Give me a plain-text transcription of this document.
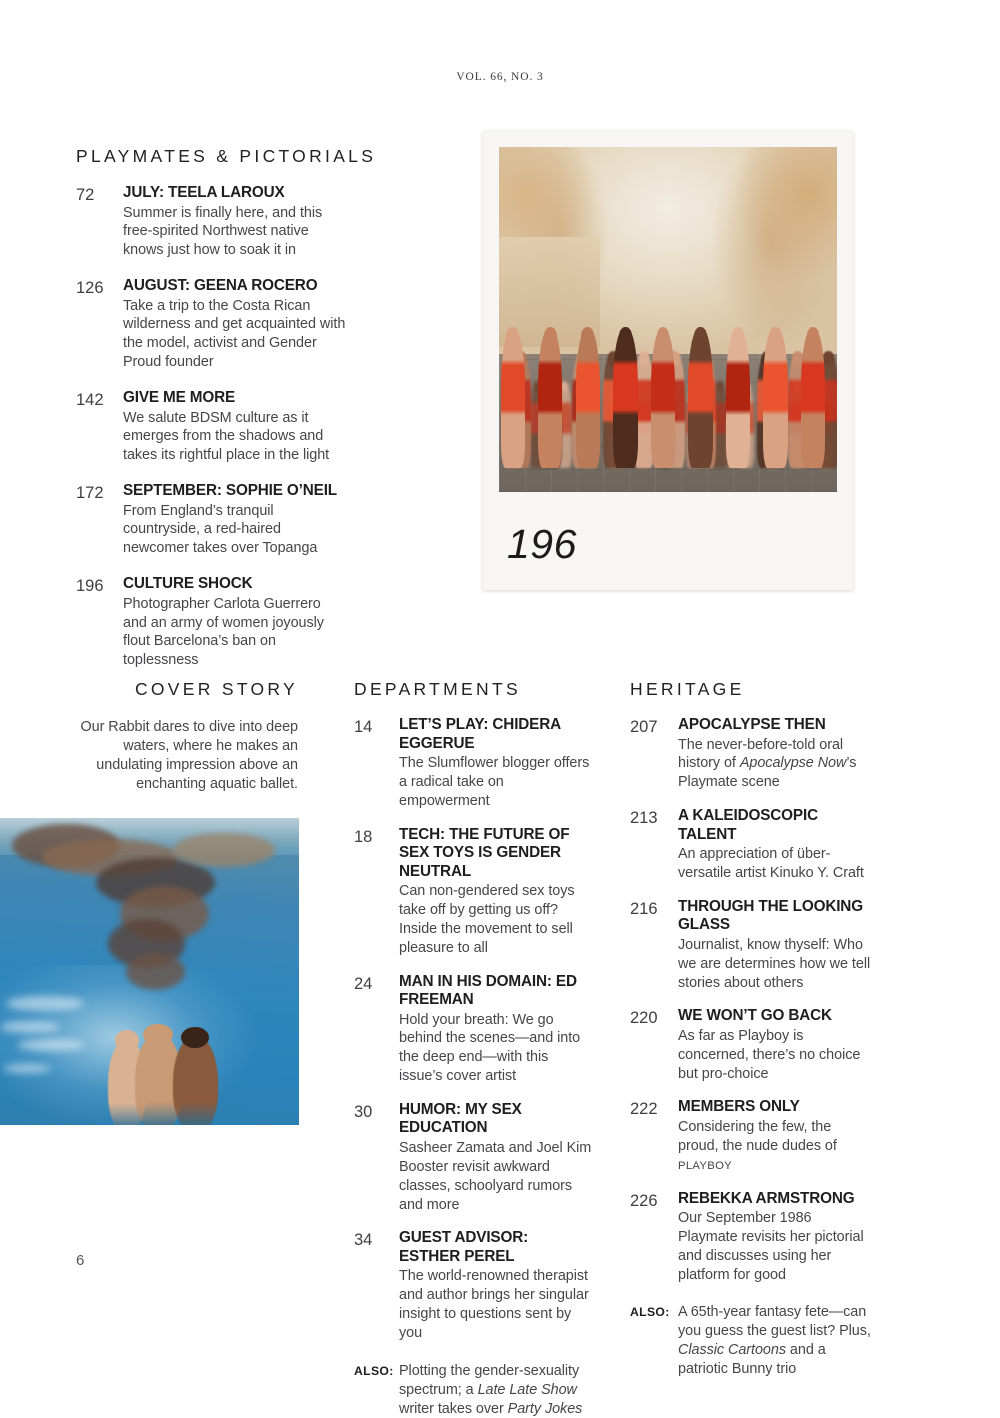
VOL. 66, NO. 3
PLAYMATES & PICTORIALS
72	JULY: TEELA LAROUX
Summer is finally here, and this free-spirited Northwest native knows just how to soak it in
126	AUGUST: GEENA ROCERO
Take a trip to the Costa Rican wilderness and get acquainted with the model, activist and Gender Proud founder
142	GIVE ME MORE
We salute BDSM culture as it emerges from the shadows and takes its rightful place in the light
172	SEPTEMBER: SOPHIE O’NEIL
From England’s tranquil countryside, a red-haired newcomer takes over Topanga
196	CULTURE SHOCK
Photographer Carlota Guerrero and an army of women joyously flout Barcelona’s ban on toplessness
196
COVER STORY
Our Rabbit dares to dive into deep waters, where he makes an undulating impression above an enchanting aquatic ballet.
DEPARTMENTS
14	LET’S PLAY: CHIDERA EGGERUE
The Slumflower blogger offers a radical take on empowerment
18	TECH: THE FUTURE OF SEX TOYS IS GENDER NEUTRAL
Can non-gendered sex toys take off by getting us off? Inside the movement to sell pleasure to all
24	MAN IN HIS DOMAIN: ED FREEMAN
Hold your breath: We go behind the scenes—and into the deep end—with this issue’s cover artist
30	HUMOR: MY SEX EDUCATION
Sasheer Zamata and Joel Kim Booster revisit awkward classes, schoolyard rumors and more
34	GUEST ADVISOR: ESTHER PEREL
The world-renowned therapist and author brings her singular insight to questions sent by you
ALSO: Plotting the gender-sexuality spectrum; a Late Late Show writer takes over Party Jokes
HERITAGE
207	APOCALYPSE THEN
The never-before-told oral history of Apocalypse Now’s Playmate scene
213	A KALEIDOSCOPIC TALENT
An appreciation of über-versatile artist Kinuko Y. Craft
216	THROUGH THE LOOKING GLASS
Journalist, know thyself: Who we are determines how we tell stories about others
220	WE WON’T GO BACK
As far as Playboy is concerned, there’s no choice but pro-choice
222	MEMBERS ONLY
Considering the few, the proud, the nude dudes of PLAYBOY
226	REBEKKA ARMSTRONG
Our September 1986 Playmate revisits her pictorial and discusses using her platform for good
ALSO: A 65th-year fantasy fete—can you guess the guest list? Plus, Classic Cartoons and a patriotic Bunny trio
6
